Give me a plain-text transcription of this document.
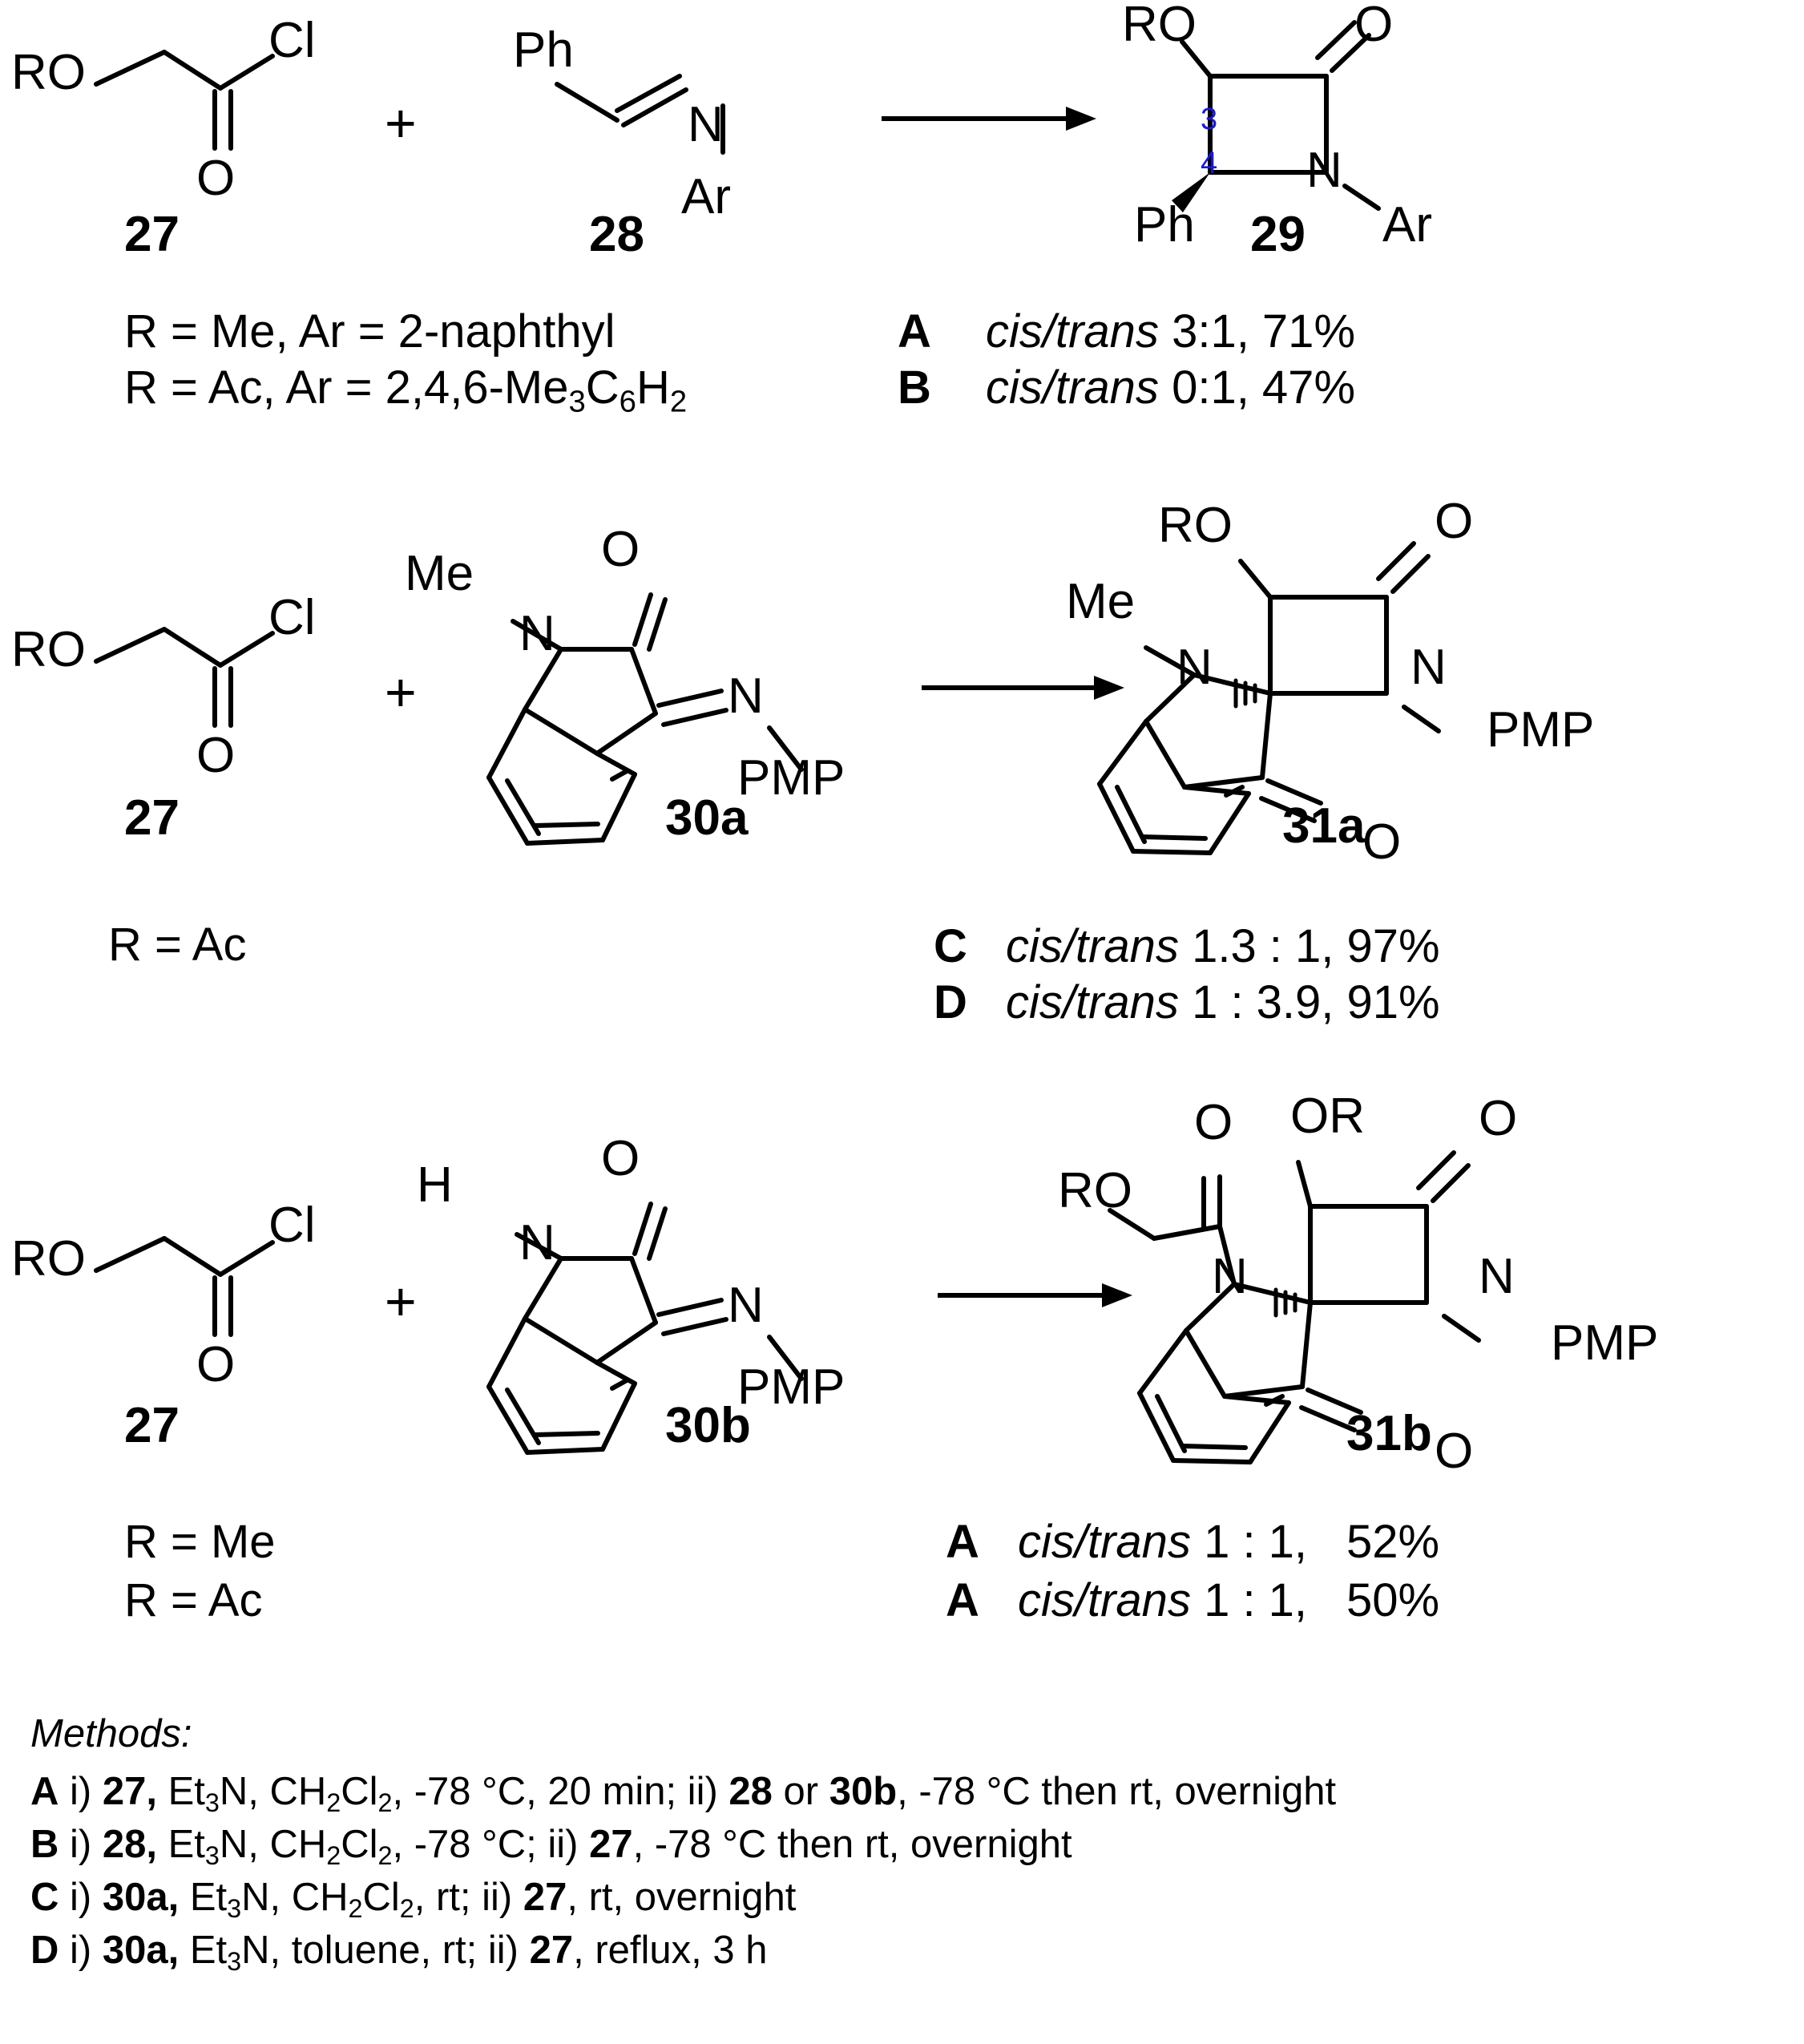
RO
Cl
O
27
+
Ph
N
Ar
28
RO	O
N
Ar
Ph
3
4
29
R = Me, Ar = 2-naphthyl
R = Ac, $Ar = 2,4,6-Me_3C_6H_2$
A cis/trans 3:1, 71%
B cis/trans 0:1, 47%
RO
Cl
O
27
+
Me
N
O
N
PMP
30a
RO	O
Me
N	N
PMP
O
31a
R = Ac	C cis/trans 1.3 : 1, 97%
D cis/trans 1 : 3.9, 91%
RO
Cl
O
27
+
H
N
O
N
PMP
30b
RO
O OR O
N	N
PMP
O
31b
R = Me
R = Ac
A cis/trans 1 : 1, 52%
A cis/trans 1 : 1, 50%
Methods:
A i) 27, $Et_3N$, $CH_2Cl_2$, -78 °C, 20 min; ii) 28 or 30b, -78 °C then rt, overnight
B i) 28, $Et_3N$, $CH_2Cl_2$, -78 °C; ii) 27, -78 °C then rt, overnight
C i) 30a, $Et_3N$, $CH_2Cl_2$, rt; ii) 27, rt, overnight
D i) 30a, $Et_3N$, toluene, rt; ii) 27, reflux, 3 h
